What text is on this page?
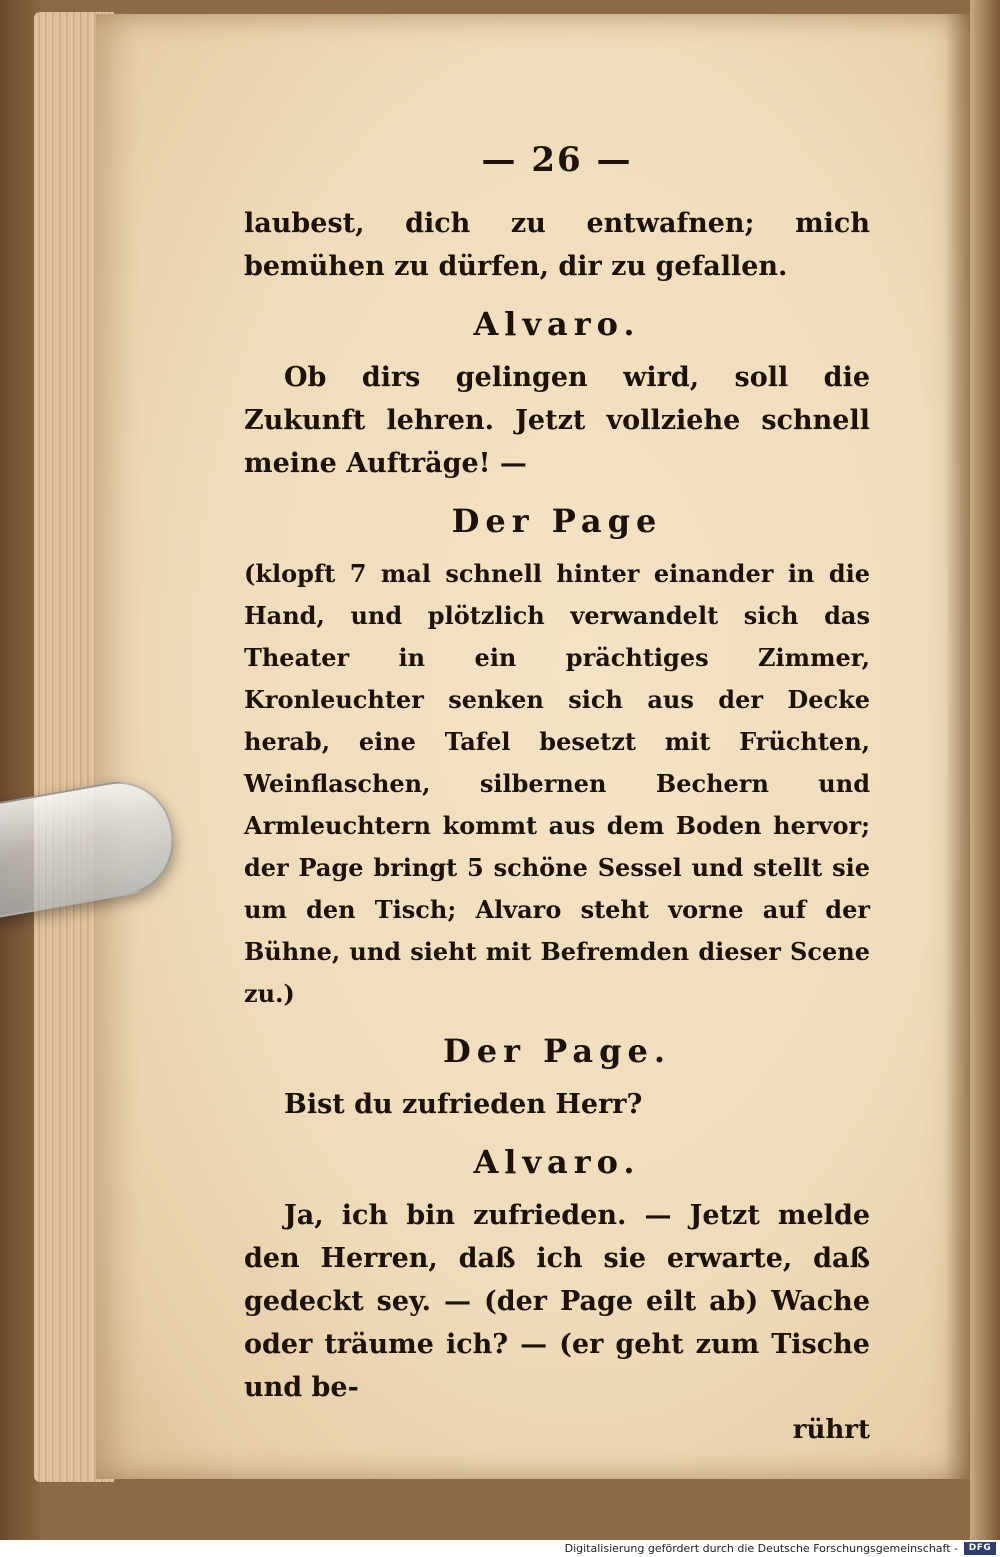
— 26 —

laubest, dich zu entwafnen; mich bemühen zu dürfen, dir zu gefallen.

Alvaro.

Ob dirs gelingen wird, soll die Zukunft lehren. Jetzt vollziehe schnell meine Aufträge! —

Der Page

(klopft 7 mal schnell hinter einander in die Hand, und plötzlich verwandelt sich das Theater in ein prächtiges Zimmer, Kronleuchter senken sich aus der Decke herab, eine Tafel besetzt mit Früchten, Weinflaschen, silbernen Bechern und Armleuchtern kommt aus dem Boden hervor; der Page bringt 5 schöne Sessel und stellt sie um den Tisch; Alvaro steht vorne auf der Bühne, und sieht mit Befremden dieser Scene zu.)

Der Page.

Bist du zufrieden Herr?

Alvaro.

Ja, ich bin zufrieden. — Jetzt melde den Herren, daß ich sie erwarte, daß gedeckt sey. — (der Page eilt ab) Wache oder träume ich? — (er geht zum Tische und be-

rührt

Digitalisierung gefördert durch die Deutsche Forschungsgemeinschaft -	DFG
